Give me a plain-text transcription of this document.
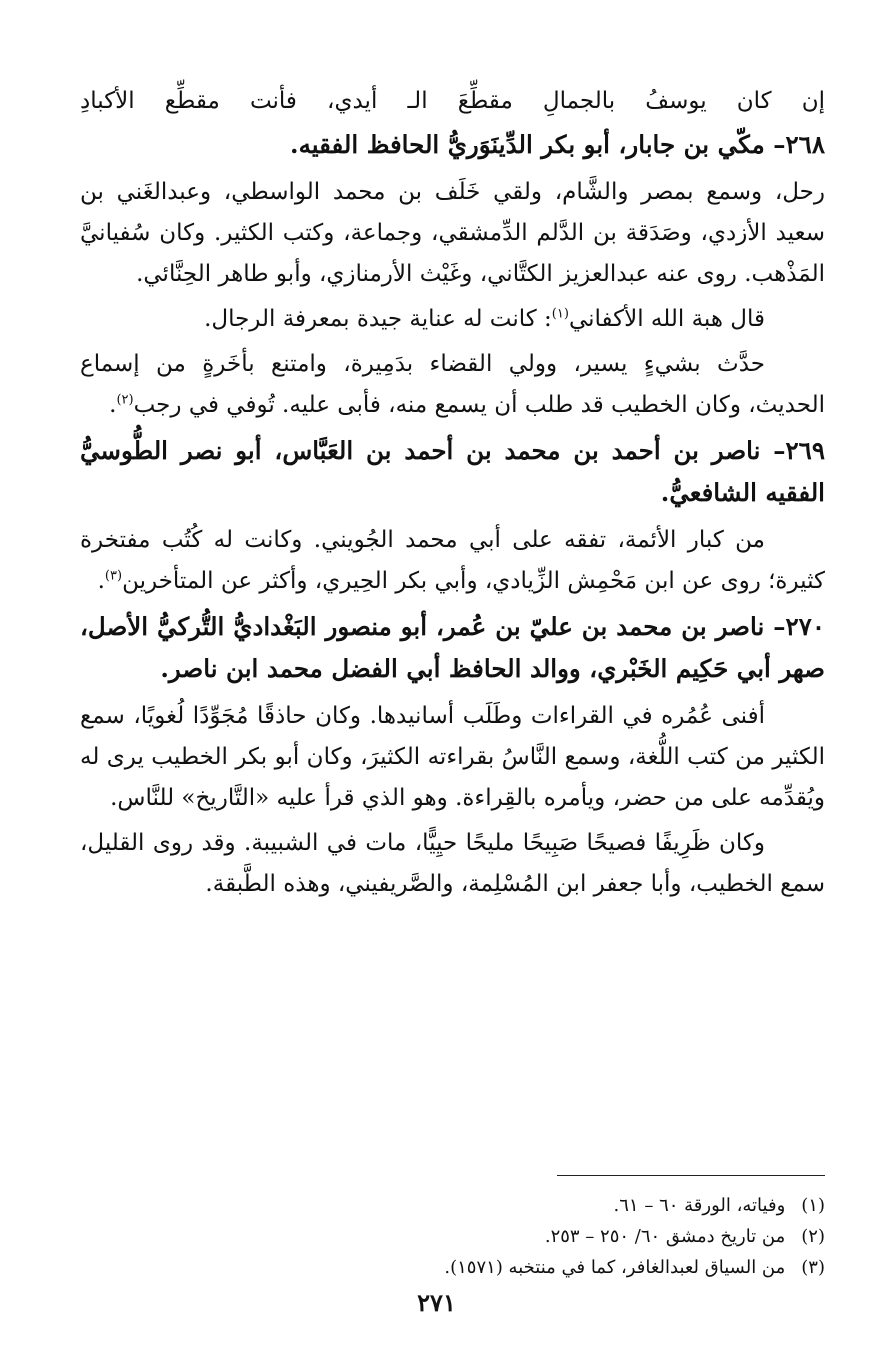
إن كان يوسفُ بالجمالِ مقطِّعَ الـ أيدي، فأنت مقطِّع الأكبادِ

٢٦٨– مكّي بن جابار، أبو بكر الدِّينَوَريُّ الحافظ الفقيه.

رحل، وسمع بمصر والشَّام، ولقي خَلَف بن محمد الواسطي، وعبدالغَني بن سعيد الأزدي، وصَدَقة بن الدَّلم الدِّمشقي، وجماعة، وكتب الكثير. وكان سُفيانيَّ المَذْهب. روى عنه عبدالعزيز الكتَّاني، وغَيْث الأرمنازي، وأبو طاهر الحِنَّائي.

قال هبة الله الأكفاني$^{(١)}$: كانت له عناية جيدة بمعرفة الرجال.

حدَّث بشيءٍ يسير، وولي القضاء بدَمِيرة، وامتنع بأخَرةٍ من إسماع الحديث، وكان الخطيب قد طلب أن يسمع منه، فأبى عليه. تُوفي في رجب$^{(٢)}$.

٢٦٩– ناصر بن أحمد بن محمد بن أحمد بن العَبَّاس، أبو نصر الطُّوسيُّ الفقيه الشافعيُّ.

من كبار الأئمة، تفقه على أبي محمد الجُويني. وكانت له كُتُب مفتخرة كثيرة؛ روى عن ابن مَحْمِش الزِّيادي، وأبي بكر الحِيري، وأكثر عن المتأخرين$^{(٣)}$.

٢٧٠– ناصر بن محمد بن عليّ بن عُمر، أبو منصور البَغْداديُّ التُّركيُّ الأصل، صهر أبي حَكِيم الخَبْري، ووالد الحافظ أبي الفضل محمد ابن ناصر.

أفنى عُمُره في القراءات وطَلَب أسانيدها. وكان حاذقًا مُجَوِّدًا لُغويًا، سمع الكثير من كتب اللُّغة، وسمع النَّاسُ بقراءته الكثيرَ، وكان أبو بكر الخطيب يرى له ويُقدِّمه على من حضر، ويأمره بالقِراءة. وهو الذي قرأ عليه «التَّاريخ» للنَّاس.

وكان ظَرِيفًا فصيحًا صَبِيحًا مليحًا حيِيًّا، مات في الشبيبة. وقد روى القليل، سمع الخطيب، وأبا جعفر ابن المُسْلِمة، والصَّريفيني، وهذه الطَّبقة.

(١) وفياته، الورقة ٦٠ – ٦١.

(٢) من تاريخ دمشق ٦٠/ ٢٥٠ – ٢٥٣.

(٣) من السياق لعبدالغافر، كما في منتخبه (١٥٧١).

٢٧١
